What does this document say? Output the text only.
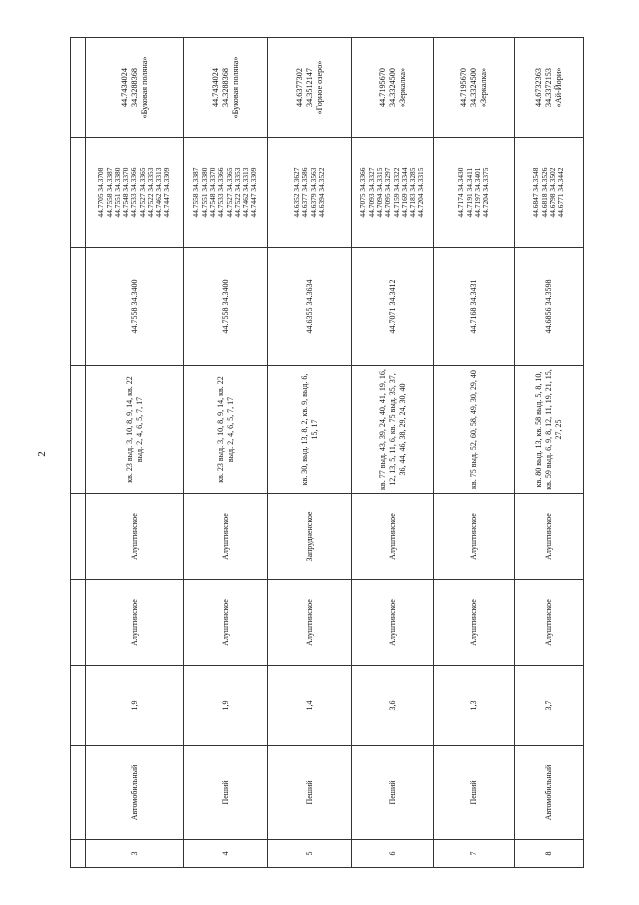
2
3
Автомобильный
1,9
Алуштинское
Алуштинское
кв. 23 выд. 3, 10, 8, 9, 14, кв. 22 выд. 2, 4, 6, 5, 7, 17
44.7558 34.3400
44.7705 34.3708 44.7558 34.3387 44.7551 34.3380 44.7548 34.3370 44.7533 34.3366 44.7527 34.3365 44.7522 34.3353 44.7462 34.3313 44.7447 34.3309
44.7434024 34.3288368 «Буковая поляна»
4
Пеший
1,9
Алуштинское
Алуштинское
кв. 23 выд. 3, 10, 8, 9, 14, кв. 22 выд. 2, 4, 6, 5, 7, 17
44.7558 34.3400
44.7558 34.3387 44.7551 34.3380 44.7548 34.3370 44.7533 34.3366 44.7527 34.3365 44.7522 34.3353 44.7462 34.3313 44.7447 34.3309
44.7434024 34.3288368 «Буковая поляна»
5
Пеший
1,4
Алуштинское
Запрудненское
кв. 30, выд. 13, 8, 2, кв. 9, выд. 6, 15, 17
44.6355 34.3634
44.6352 34.3627 44.6377 34.3586 44.6379 34.3563 44.6394 34.3522
44.6377302 34.3512147 «Горное озеро»
6
Пеший
3,6
Алуштинское
Алуштинское
кв. 77 выд. 43, 39, 24, 40, 41, 19, 16, 12, 13, 5, 11, 6, кв. 75 выд. 35, 37, 36, 44, 46, 38, 29, 24, 30, 40
44.7071 34.3412
44.7075 34.3366 44.7093 34.3327 44.7094 34.3315 44.7095 34.3297 44.7159 34.3322 44.7169 34.3344 44.7183 34.3285 44.7204 34.3315
44.7195670 34.3324500 «Зеркалка»
7
Пеший
1,3
Алуштинское
Алуштинское
кв. 75 выд. 52, 60, 58, 49, 30, 29, 40
44.7168 34.3431
44.7174 34.3430 44.7191 34.3411 44.7197 34.3401 44.7204 34.3375
44.7195670 34.3324500 «Зеркалка»
8
Автомобильный
3,7
Алуштинское
Алуштинское
кв. 80 выд. 13, кв. 58 выд. 5, 8, 10, кв. 59 выд. 6, 9, 8, 12, 11, 19, 21, 15, 27, 25
44.6856 34.3598
44.6847 34.3548 44.6818 34.3526 44.6798 34.3502 44.6771 34.3442
44.6732363 34.3372153 «Ай-Йори»
